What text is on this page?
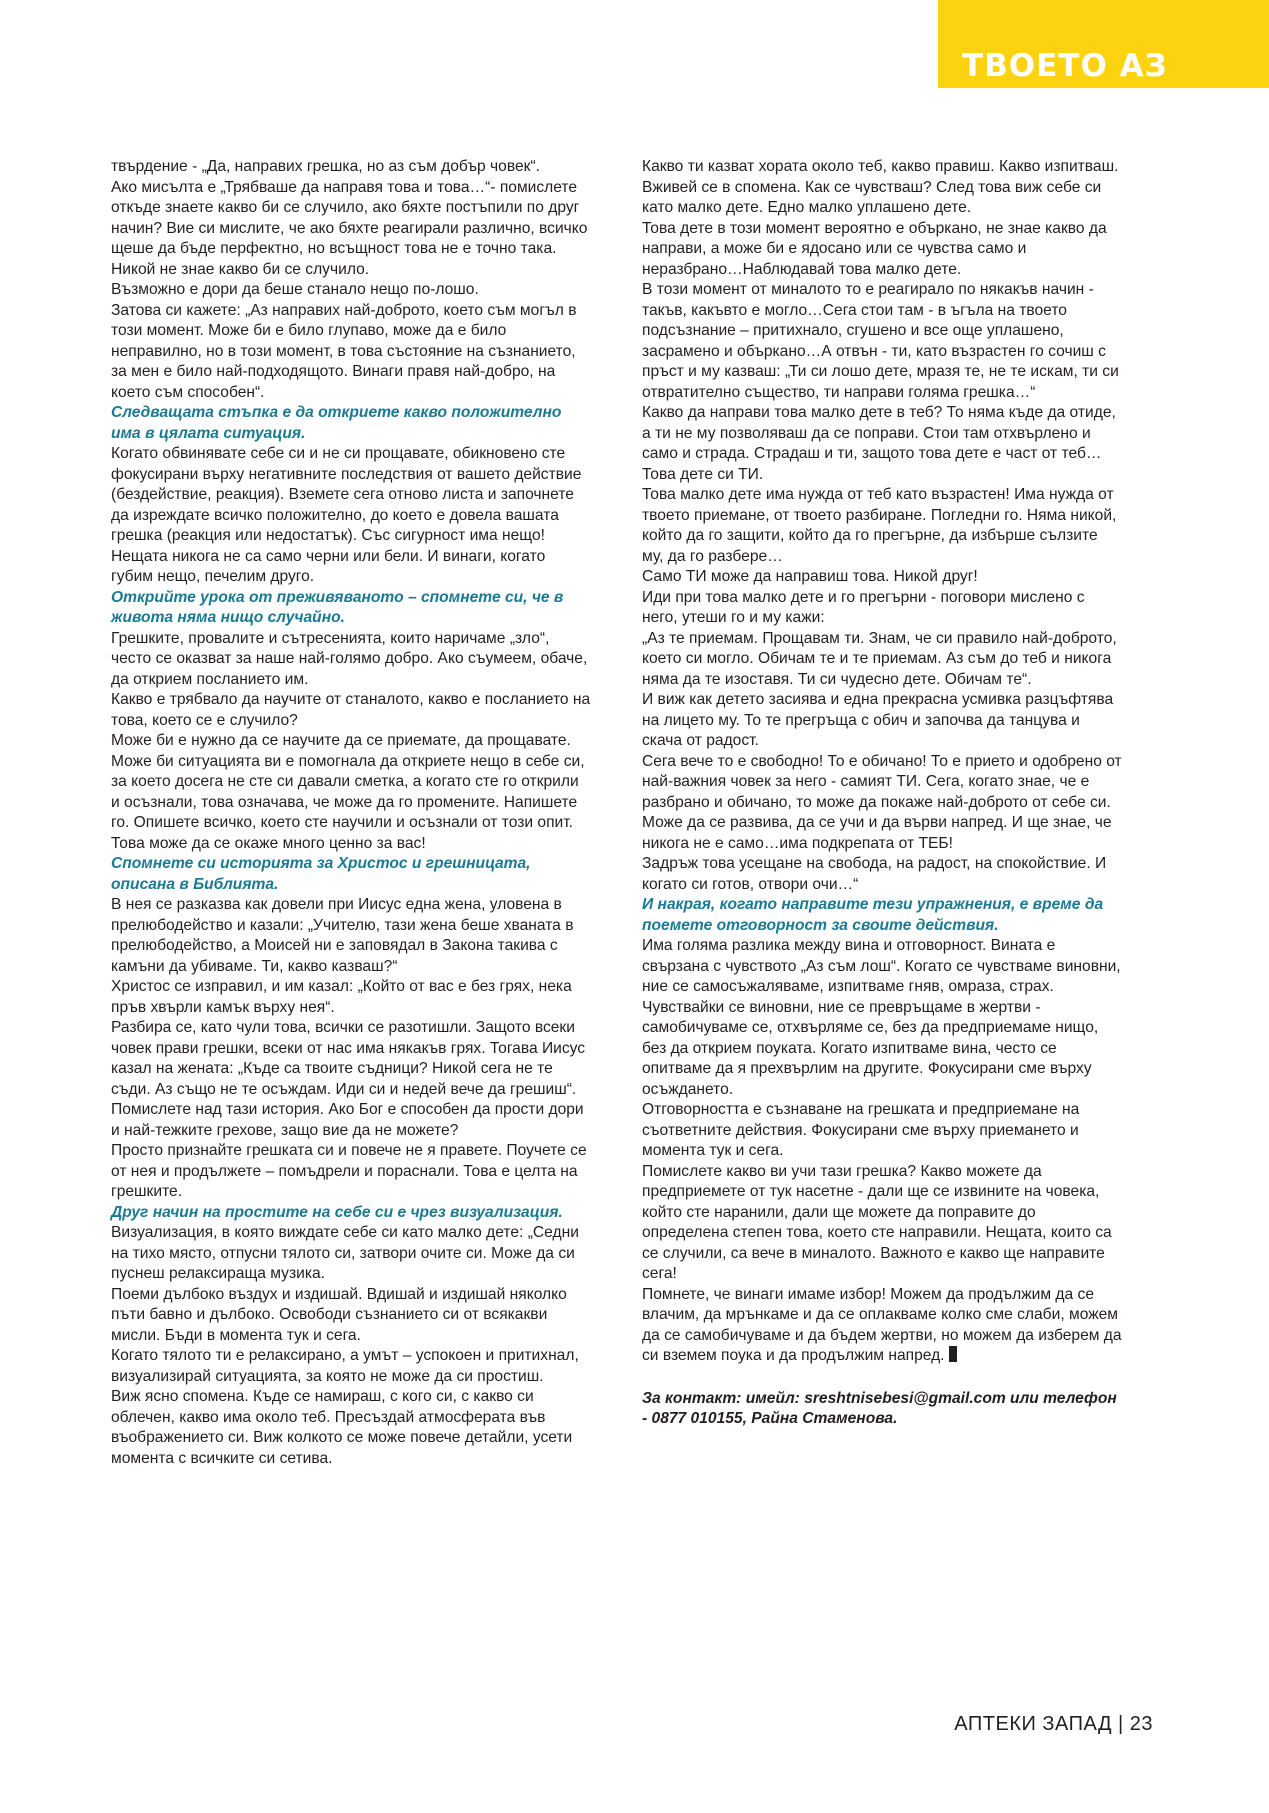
ТВОЕТО АЗ

твърдение - „Да, направих грешка, но аз съм добър човек“.

Ако мисълта е „Трябваше да направя това и това…“- помислете откъде знаете какво би се случило, ако бяхте постъпили по друг начин? Вие си мислите, че ако бяхте реагирали различно, всичко щеше да бъде перфектно, но всъщност това не е точно така. Никой не знае какво би се случило.

Възможно е дори да беше станало нещо по-лошо.

Затова си кажете: „Аз направих най-доброто, което съм могъл в този момент. Може би е било глупаво, може да е било неправилно, но в този момент, в това състояние на съзнанието, за мен е било най-подходящото. Винаги правя най-добро, на което съм способен“.

Следващата стъпка е да откриете какво положително има в цялата ситуация.

Когато обвинявате себе си и не си прощавате, обикновено сте фокусирани върху негативните последствия от вашето действие (бездействие, реакция). Вземете сега отново листа и започнете да изреждате всичко положително, до което е довела вашата грешка (реакция или недостатък). Със сигурност има нещо! Нещата никога не са само черни или бели. И винаги, когато губим нещо, печелим друго.

Открийте урока от преживяваното – спомнете си, че в живота няма нищо случайно.

Грешките, провалите и сътресенията, които наричаме „зло“, често се оказват за наше най-голямо добро. Ако съумеем, обаче, да открием посланието им.

Какво е трябвало да научите от станалото, какво е посланието на това, което се е случило?

Може би е нужно да се научите да се приемате, да прощавате. Може би ситуацията ви е помогнала да откриете нещо в себе си, за което досега не сте си давали сметка, а когато сте го открили и осъзнали, това означава, че може да го промените. Напишете го. Опишете всичко, което сте научили и осъзнали от този опит. Това може да се окаже много ценно за вас!

Спомнете си историята за Христос и грешницата, описана в Библията.

В нея се разказва как довели при Иисус една жена, уловена в прелюбодейство и казали: „Учителю, тази жена беше хваната в прелюбодейство, а Моисей ни е заповядал в Закона такива с камъни да убиваме. Ти, какво казваш?“

Христос се изправил, и им казал: „Който от вас е без грях, нека пръв хвърли камък върху нея“.

Разбира се, като чули това, всички се разотишли. Защото всеки човек прави грешки, всеки от нас има някакъв грях. Тогава Иисус казал на жената: „Къде са твоите съдници? Никой сега не те съди. Аз също не те осъждам. Иди си и недей вече да грешиш“.

Помислете над тази история. Ако Бог е способен да прости дори и най-тежките грехове, защо вие да не можете?

Просто признайте грешката си и повече не я правете. Поучете се от нея и продължете – помъдрели и пораснали. Това е целта на грешките.

Друг начин на простите на себе си е чрез визуализация.

Визуализация, в която виждате себе си като малко дете: „Седни на тихо място, отпусни тялото си, затвори очите си. Може да си пуснеш релаксираща музика.

Поеми дълбоко въздух и издишай. Вдишай и издишай няколко пъти бавно и дълбоко. Освободи съзнанието си от всякакви мисли. Бъди в момента тук и сега.

Когато тялото ти е релаксирано, а умът – успокоен и притихнал, визуализирай ситуацията, за която не може да си простиш.

Виж ясно спомена. Къде се намираш, с кого си, с какво си облечен, какво има около теб. Пресъздай атмосферата във въображението си. Виж колкото се може повече детайли, усети момента с всичките си сетива.

Какво ти казват хората около теб, какво правиш. Какво изпитваш. Вживей се в спомена. Как се чувстваш? След това виж себе си като малко дете. Едно малко уплашено дете.

Това дете в този момент вероятно е объркано, не знае какво да направи, а може би е ядосано или се чувства само и неразбрано…Наблюдавай това малко дете.

В този момент от миналото то е реагирало по някакъв начин - такъв, какъвто е могло…Сега стои там - в ъгъла на твоето подсъзнание – притихнало, сгушено и все още уплашено, засрамено и объркано…А отвън - ти, като възрастен го сочиш с пръст и му казваш: „Ти си лошо дете, мразя те, не те искам, ти си отвратително същество, ти направи голяма грешка…“

Какво да направи това малко дете в теб? То няма къде да отиде, а ти не му позволяваш да се поправи. Стои там отхвърлено и само и страда. Страдаш и ти, защото това дете е част от теб…Това дете си ТИ.

Това малко дете има нужда от теб като възрастен! Има нужда от твоето приемане, от твоето разбиране. Погледни го. Няма никой, който да го защити, който да го прегърне, да избърше сълзите му, да го разбере…

Само ТИ може да направиш това. Никой друг!

Иди при това малко дете и го прегърни - поговори мислено с него, утеши го и му кажи:

„Аз те приемам. Прощавам ти. Знам, че си правило най-доброто, което си могло. Обичам те и те приемам. Аз съм до теб и никога няма да те изоставя. Ти си чудесно дете. Обичам те“.

И виж как детето засиява и една прекрасна усмивка разцъфтява на лицето му. То те прегръща с обич и започва да танцува и скача от радост.

Сега вече то е свободно! То е обичано! То е прието и одобрено от най-важния човек за него - самият ТИ. Сега, когато знае, че е разбрано и обичано, то може да покаже най-доброто от себе си. Може да се развива, да се учи и да върви напред. И ще знае, че никога не е само…има подкрепата от ТЕБ!

Задръж това усещане на свобода, на радост, на спокойствие. И когато си готов, отвори очи…“

И накрая, когато направите тези упражнения, е време да поемете отговорност за своите действия.

Има голяма разлика между вина и отговорност. Вината е свързана с чувството „Аз съм лош“. Когато се чувстваме виновни, ние се самосъжаляваме, изпитваме гняв, омраза, страх.

Чувствайки се виновни, ние се превръщаме в жертви - самобичуваме се, отхвърляме се, без да предприемаме нищо, без да открием поуката. Когато изпитваме вина, често се опитваме да я прехвърлим на другите. Фокусирани сме върху осъждането.

Отговорността е съзнаване на грешката и предприемане на съответните действия. Фокусирани сме върху приемането и момента тук и сега.

Помислете какво ви учи тази грешка? Какво можете да предприемете от тук насетне - дали ще се извините на човека, който сте наранили, дали ще можете да поправите до определена степен това, което сте направили. Нещата, които са се случили, са вече в миналото. Важното е какво ще направите сега!

Помнете, че винаги имаме избор! Можем да продължим да се влачим, да мрънкаме и да се оплакваме колко сме слаби, можем да се самобичуваме и да бъдем жертви, но можем да изберем да си вземем поука и да продължим напред.

За контакт: имейл: sreshtnisebesi@gmail.com или телефон - 0877 010155, Райна Стаменова.

АПТЕКИ ЗАПАД | 23
